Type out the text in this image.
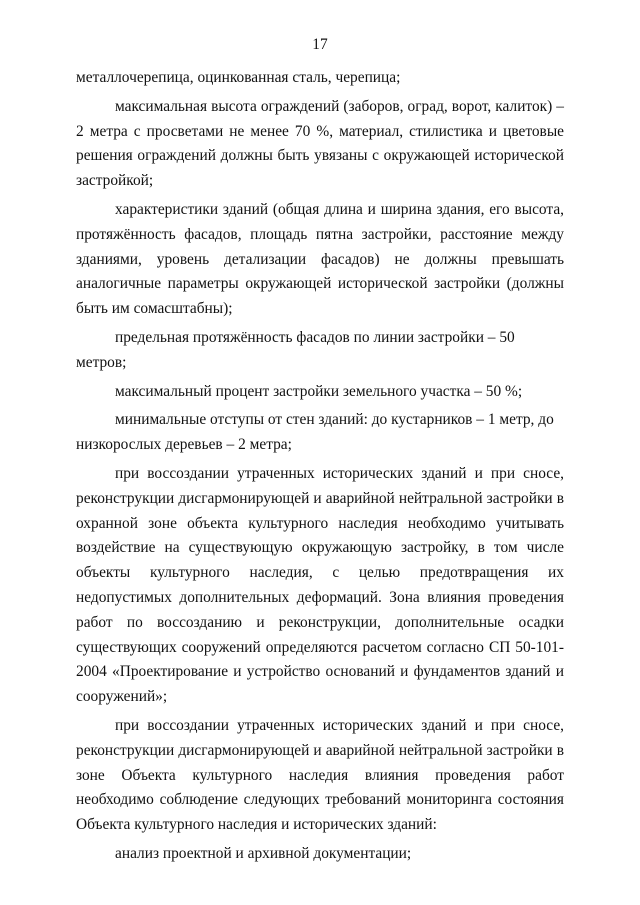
17

металлочерепица, оцинкованная сталь, черепица;

максимальная высота ограждений (заборов, оград, ворот, калиток) – 2 метра с просветами не менее 70 %, материал, стилистика и цветовые решения ограждений должны быть увязаны с окружающей исторической застройкой;

характеристики зданий (общая длина и ширина здания, его высота, протяжённость фасадов, площадь пятна застройки, расстояние между зданиями, уровень детализации фасадов) не должны превышать аналогичные параметры окружающей исторической застройки (должны быть им сомасштабны);

предельная протяжённость фасадов по линии застройки – 50 метров;

максимальный процент застройки земельного участка – 50 %;

минимальные отступы от стен зданий: до кустарников – 1 метр, до низкорослых деревьев – 2 метра;

при воссоздании утраченных исторических зданий и при сносе, реконструкции дисгармонирующей и аварийной нейтральной застройки в охранной зоне объекта культурного наследия необходимо учитывать воздействие на существующую окружающую застройку, в том числе объекты культурного наследия, с целью предотвращения их недопустимых дополнительных деформаций. Зона влияния проведения работ по воссозданию и реконструкции, дополнительные осадки существующих сооружений определяются расчетом согласно СП 50-101-2004 «Проектирование и устройство оснований и фундаментов зданий и сооружений»;

при воссоздании утраченных исторических зданий и при сносе, реконструкции дисгармонирующей и аварийной нейтральной застройки в зоне Объекта культурного наследия влияния проведения работ необходимо соблюдение следующих требований мониторинга состояния Объекта культурного наследия и исторических зданий:

анализ проектной и архивной документации;
